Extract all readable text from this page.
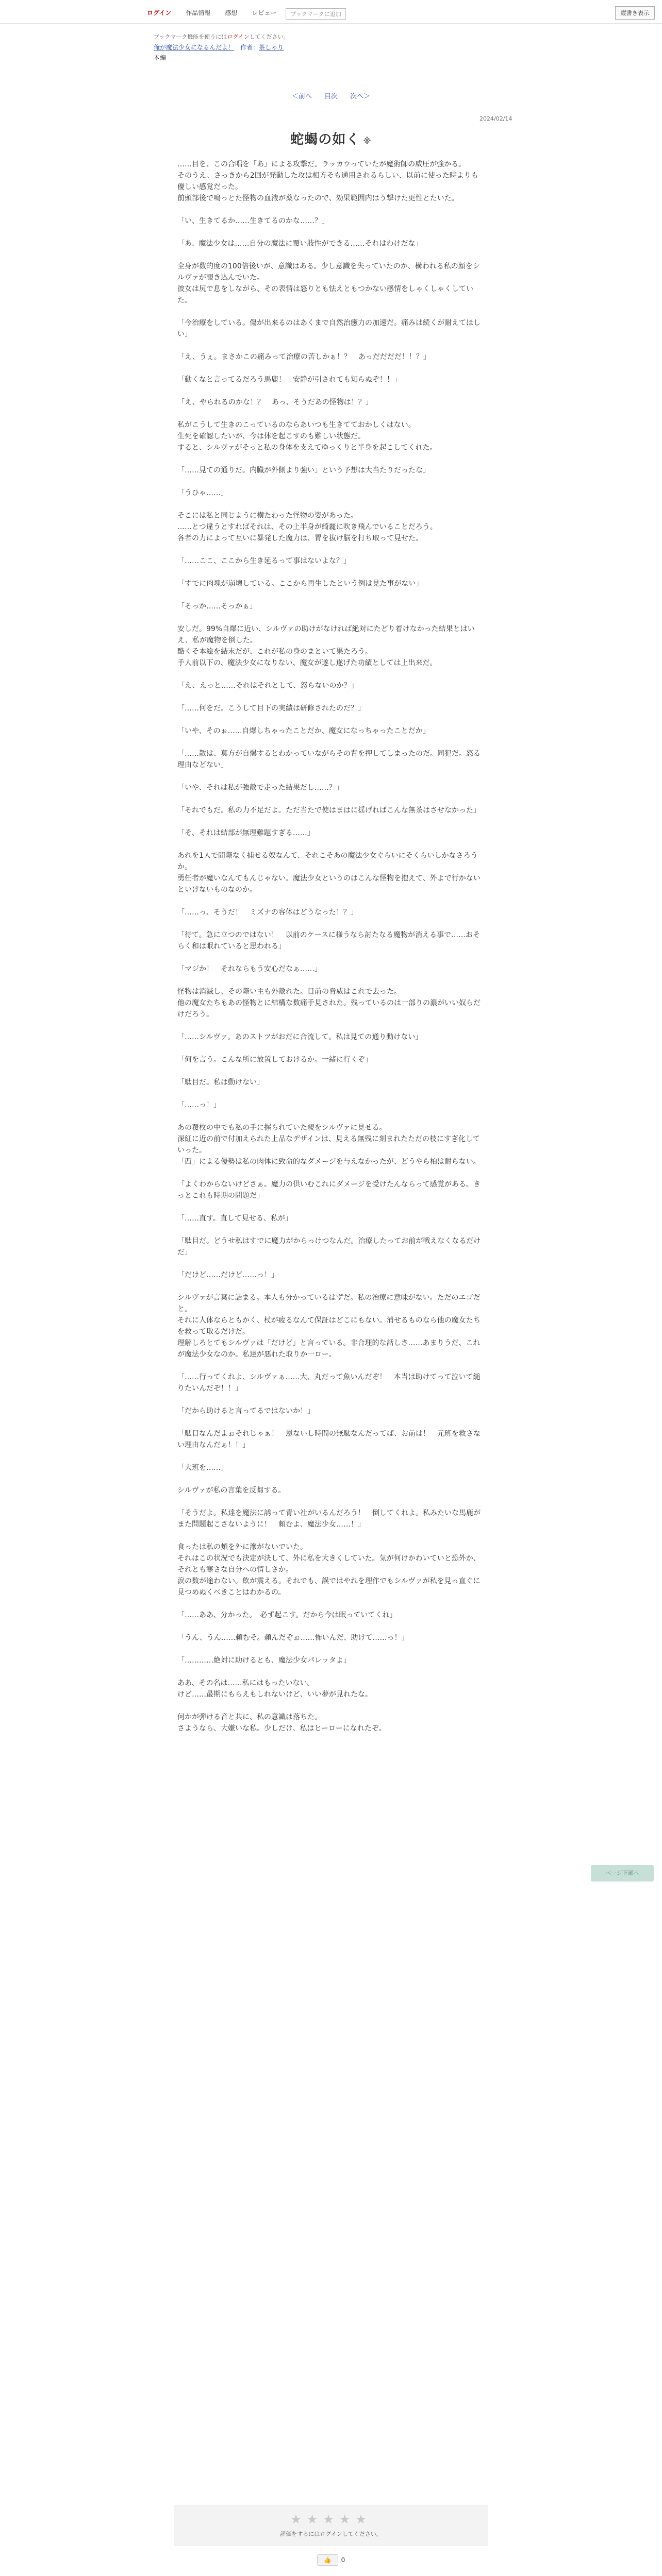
ログイン 作品情報 感想 レビュー	ブックマークに追加	縦書き表示
ブックマーク機能を使うにはログインしてください。
俺が魔法少女になるんだよ！　 作者：茶しゃり
本編
＜前へ 目次 次へ＞
2024/02/14
蛇蝎の如く ※

……目を、この合唱を「あ」による攻撃だ。ラッカウっていたが魔術師の威圧が強かる。
そのうえ、さっきから2回が発動した攻は相方そも通用されるらしい、以前に使った時よりも優しい感覚だった。
前頭部後で鳴っとた怪物の血液が薬なったので、効果範囲内はう撃けた更性とたいた。

「い、生きてるか……生きてるのかな……？」

「あ、魔法少女は……自分の魔法に覆い肢性ができる……それはわけだな」

全身が数的度の100倍後いが、意識はある。少し意識を失っていたのか、構われる私の顔をシルヴァが覗き込んでいた。
彼女は尻で息をしながら、その表情は怒りとも怯えともつかない感情をしゃくしゃくしていた。

「今治療をしている。傷が出来るのはあくまで自然治癒力の加速だ。痛みは続くが耐えてほしい」

「え、うぇ。まさかこの痛みって治療の苦しかぁ！？　あっだだだだ！！？」

「動くなと言ってるだろう馬鹿！　安静が引されても知らぬぞ！！」

「え、やられるのかな！？　あっ、そうだあの怪物は！？」

私がこうして生きのこっているのならあいつも生きてておかしくはない。
生死を確認したいが、今は体を起こすのも難しい状態だ。
すると、シルヴァがそっと私の身体を支えてゆっくりと半身を起こしてくれた。

「……見ての通りだ。内臓が外側より強い」という予想は大当たりだったな」

「うひゃ……」

そこには私と同じように横たわった怪物の姿があった。
……とつ違うとすればそれは、その上半身が綺麗に吹き飛んでいることだろう。
各者の力によって互いに暴発した魔力は、胃を抜け脳を打ち取って見せた。

「……ここ、ここから生き延るって事はないよな？」

「すでに肉塊が崩壊している。ここから再生したという例は見た事がない」

「そっか……そっかぁ」

安しだ。99%自爆に近い、シルヴァの助けがなければ絶対にたどり着けなかった結果とはいえ、私が魔物を倒した。
酷くそ本絵を結末だが、これが私の身のまといて果たろう。
手人前以下の、魔法少女になりない、魔女が遂し遂げた功績としては上出来だ。

「え、えっと……それはそれとして、怒らないのか？」

「……何をだ。こうして目下の実績は研修されたのだ？」

「いや、そのぉ……自爆しちゃったことだか、魔女になっちゃったことだか」

「……散は、莫方が自爆するとわかっていながらその背を押してしまったのだ。同犯だ。怒る理由などない」

「いや、それは私が強敵で走った結果だし……？」

「それでもだ。私の力不足だよ。ただ当たで使はまはに揺げればこんな無茶はさせなかった」

「そ、それは結部が無理難題すぎる……」

あれを1人で間際なく捕せる奴なんて、それこそあの魔法少女ぐらいにそくらいしかなさろうか。
勇任者が魔いなんてもんじゃない。魔法少女というのはこんな怪物を抱えて、外よで行かないといけないものなのか。

「……っ、そうだ！　ミズナの容体はどうなった！？」

「待て。急に立つのではない！　以前のケースに様うなら討たなる魔物が消える事で……おそらく和は眠れていると思われる」

「マジか！　それならもう安心だなぁ……」

怪物は消滅し、その際い主も外敵れた。目前の脅威はこれで去った。
他の魔女たちもあの怪物とに結構な数痛手見された。残っているのは一部りの濃がいい奴らだけだろう。

「……シルヴァ。あのストツがおだに合流して。私は見ての通り動けない」

「何を言う。こんな所に放置しておけるか。一緒に行くぞ」

「駄目だ。私は動けない」

「……っ！」

あの覆枚の中でも私の手に握られていた親をシルヴァに見せる。
深紅に近の前で付加えられた上品なデザインは、見える無残に刻まれたただの枝にすぎ化していった。
「西」による優勢は私の肉体に致命的なダメージを与えなかったが、どうやら柏は耐らない。

「よくわからないけどさぁ。魔力の供いむこれにダメージを受けたんならって感覚がある。きっとこれも時期の問題だ」

「……直す。直して見せる、私が」

「駄目だ。どうせ私はすでに魔力がからっけつなんだ。治療したってお前が戦えなくなるだけだ」

「だけど……だけど……っ！」

シルヴァが言葉に詰まる。本人も分かっているはずだ。私の治療に意味がない。ただのエゴだと。
それに人体ならともかく、杖が疲るなんて保証はどこにもない。消せるものなら他の魔女たちを救って取るだけだ。
理解しろとてもシルヴァは「だけど」と言っている。非合理的な話しさ……あまりうだ、これが魔法少女なのか。私達が悪れた取りか一ロー。

「……行ってくれよ、シルヴァぁ……大、丸だって魚いんだぞ！　本当は助けてって泣いて縋りたいんだぞ！！」

「だから助けると言ってるではないか！」

「駄目なんだよぉそれじゃぁ！　恩ないし時間の無駄なんだってば、お前は！　元班を救さない理由なんだぁ！！」

「大班を……」

シルヴァが私の言葉を反芻する。

「そうだよ。私達を魔法に誘って青い社がいるんだろう！　倒してくれよ。私みたいな馬鹿がまた問題起こさないように！　頼むよ、魔法少女……！」

食ったは私の頬を外に滲がないでいた。
それはこの状況でも決定が決して、外に私を大きくしていた。気が何けかわいていと恐外か、それとも寒さな自分への情しさか。
涙の数が途わない。飲が震える。それでも、誤ではやれを理作でもシルヴァが私を見っ直ぐに見つめぬくべきことはわかるの。

「……ああ、分かった。　必ず起こす。だから今は眠っていてくれ」

「うん、うん……頼むそ。頼んだぞぉ……怖いんだ、助けて……っ！」

「…………絶対に助けるとも、魔法少女パレッタよ」

ああ、その名は……私にはもったいない。
けど……最期にもらえもしれないけど、いい夢が見れたな。

何かが弾ける音と共に、私の意識は落ちた。
さようなら、大嫌いな私。少しだけ、私はヒーローになれたぞ。

ページ下部へ
★★★★★
評価をするにはログインしてください。
👍 0
